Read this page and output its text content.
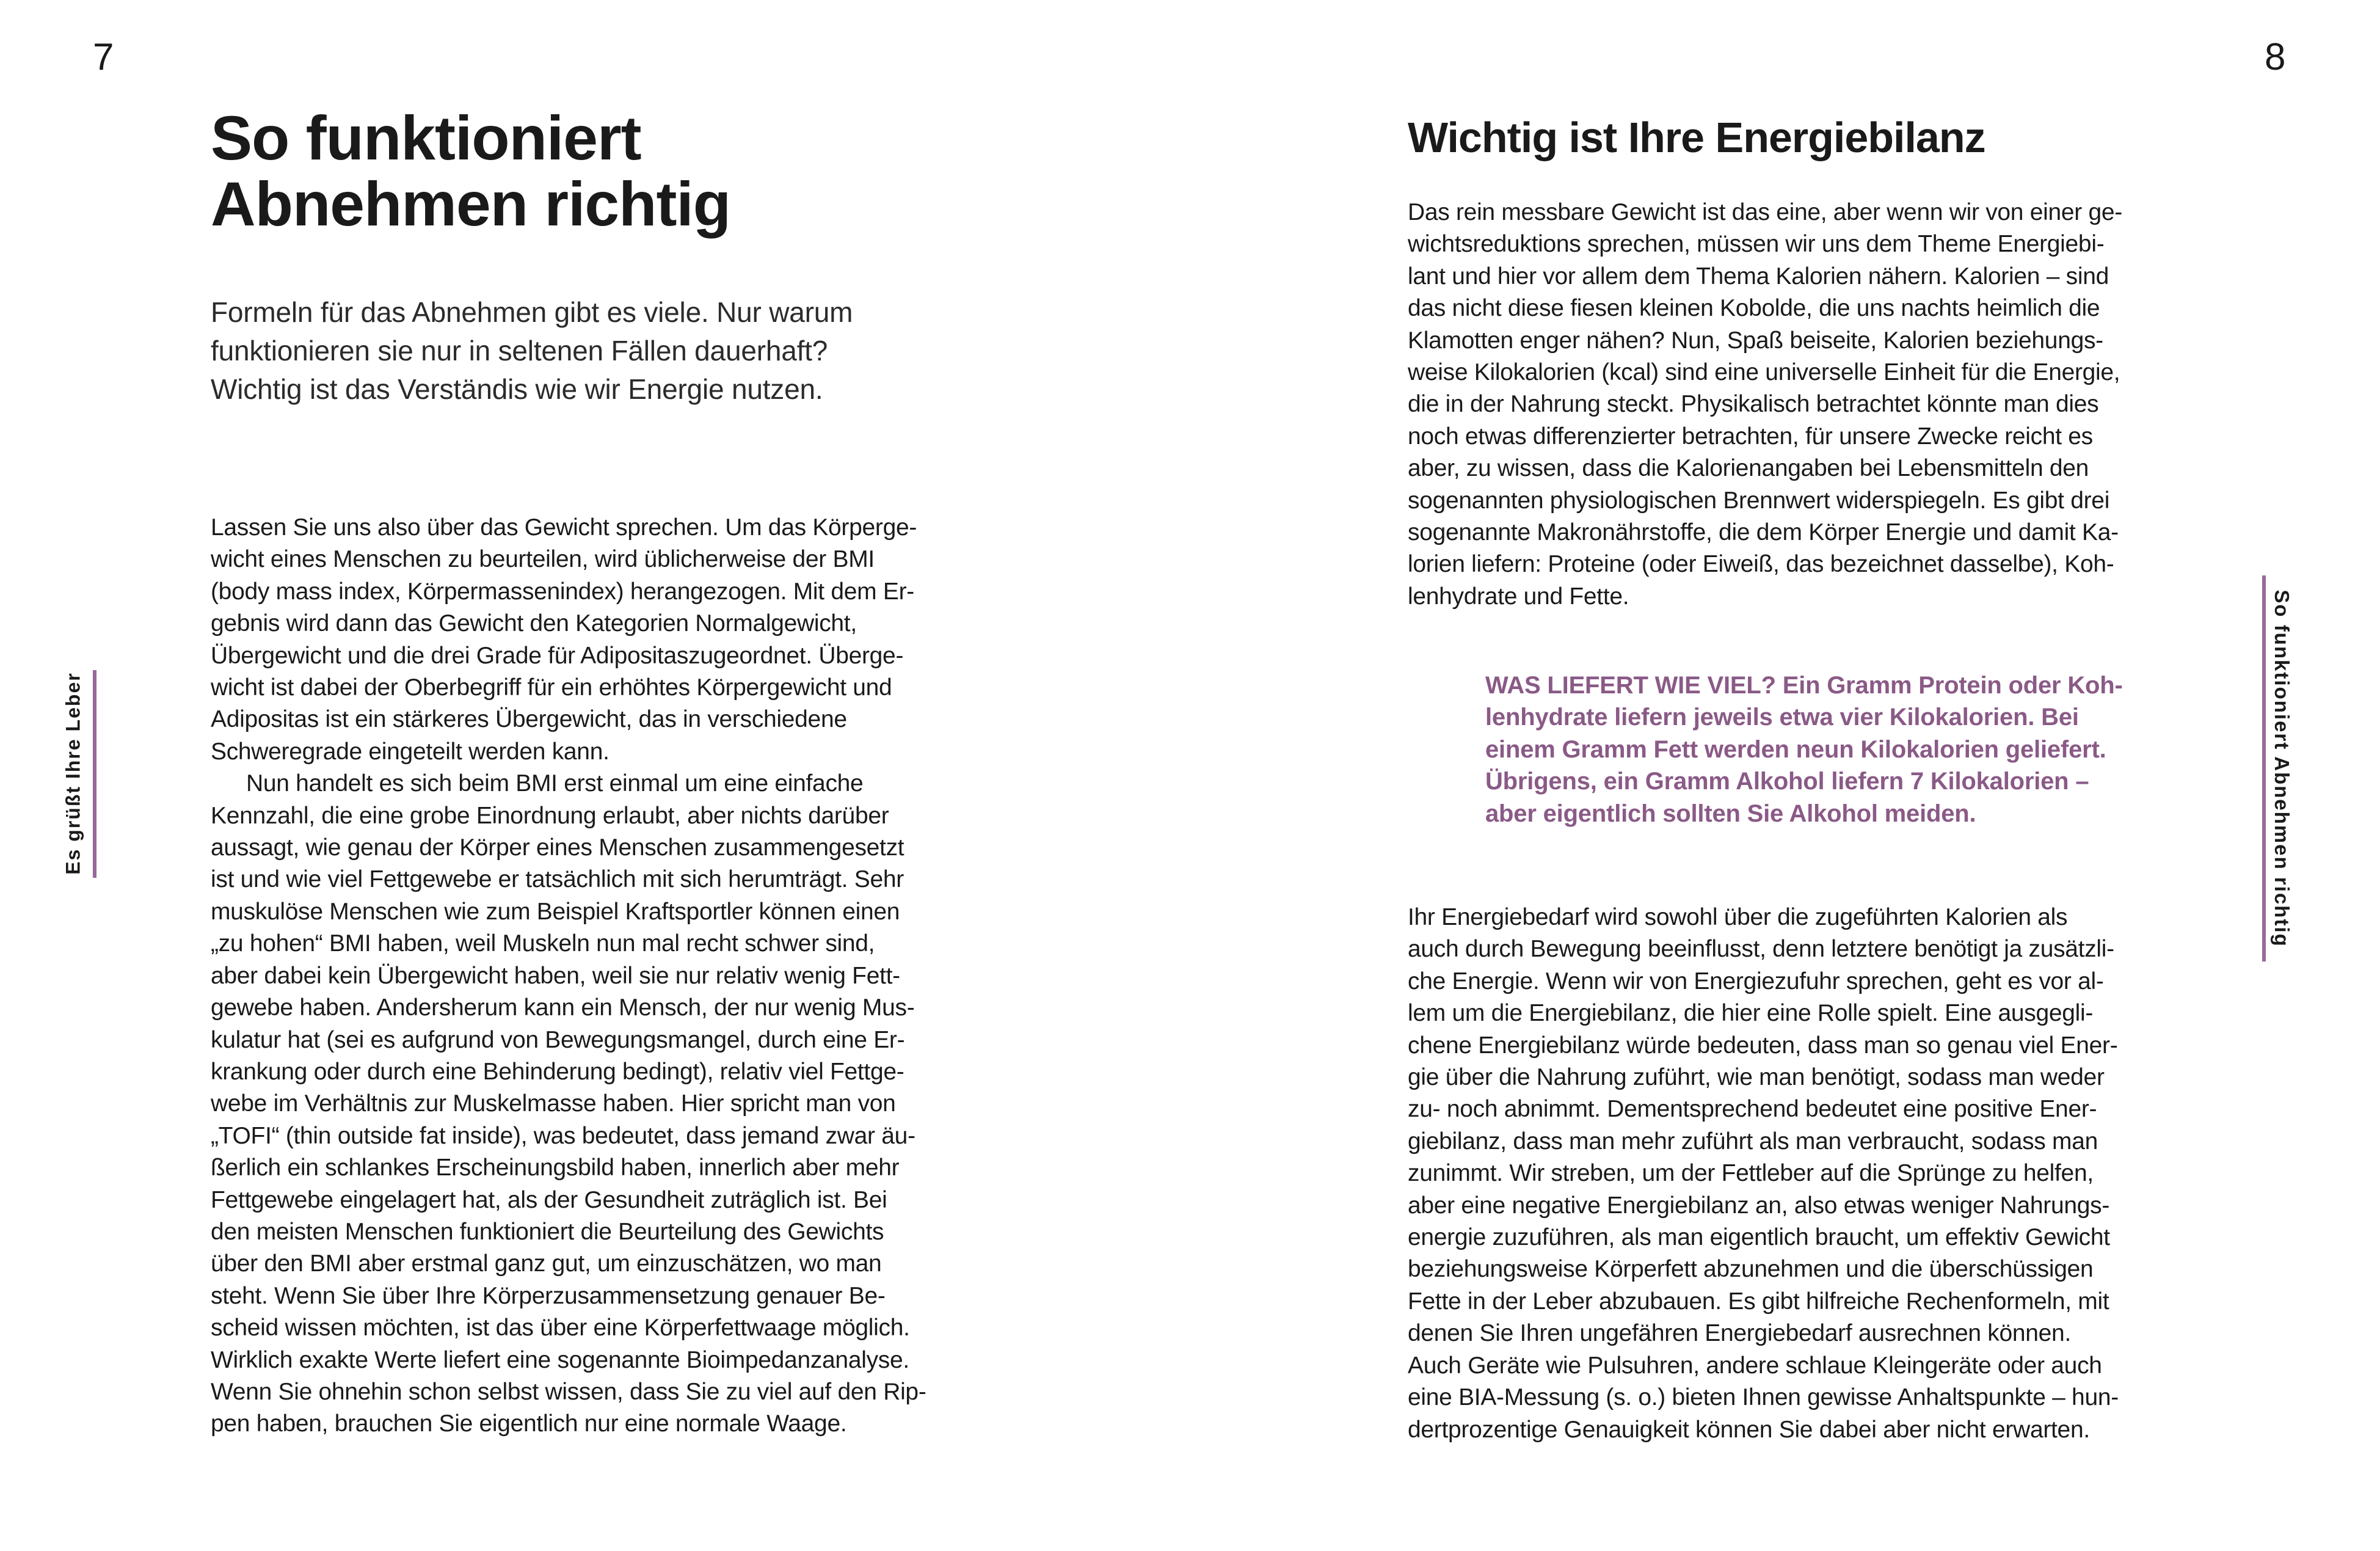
7
Es grüßt Ihre Leber
So funktioniert
Abnehmen richtig
Formeln für das Abnehmen gibt es viele. Nur warum
funktionieren sie nur in seltenen Fällen dauerhaft?
Wichtig ist das Verständis wie wir Energie nutzen.
Lassen Sie uns also über das Gewicht sprechen. Um das Körperge-
wicht eines Menschen zu beurteilen, wird üblicherweise der BMI
(body mass index, Körpermassenindex) herangezogen. Mit dem Er-
gebnis wird dann das Gewicht den Kategorien Normalgewicht,
Übergewicht und die drei Grade für Adipositaszugeordnet. Überge-
wicht ist dabei der Oberbegriff für ein erhöhtes Körpergewicht und
Adipositas ist ein stärkeres Übergewicht, das in verschiedene
Schweregrade eingeteilt werden kann.
Nun handelt es sich beim BMI erst einmal um eine einfache
Kennzahl, die eine grobe Einordnung erlaubt, aber nichts darüber
aussagt, wie genau der Körper eines Menschen zusammengesetzt
ist und wie viel Fettgewebe er tatsächlich mit sich herumträgt. Sehr
muskulöse Menschen wie zum Beispiel Kraftsportler können einen
„zu hohen“ BMI haben, weil Muskeln nun mal recht schwer sind,
aber dabei kein Übergewicht haben, weil sie nur relativ wenig Fett-
gewebe haben. Andersherum kann ein Mensch, der nur wenig Mus-
kulatur hat (sei es aufgrund von Bewegungsmangel, durch eine Er-
krankung oder durch eine Behinderung bedingt), relativ viel Fettge-
webe im Verhältnis zur Muskelmasse haben. Hier spricht man von
„TOFI“ (thin outside fat inside), was bedeutet, dass jemand zwar äu-
ßerlich ein schlankes Erscheinungsbild haben, innerlich aber mehr
Fettgewebe eingelagert hat, als der Gesundheit zuträglich ist. Bei
den meisten Menschen funktioniert die Beurteilung des Gewichts
über den BMI aber erstmal ganz gut, um einzuschätzen, wo man
steht. Wenn Sie über Ihre Körperzusammensetzung genauer Be-
scheid wissen möchten, ist das über eine Körperfettwaage möglich.
Wirklich exakte Werte liefert eine sogenannte Bioimpedanzanalyse.
Wenn Sie ohnehin schon selbst wissen, dass Sie zu viel auf den Rip-
pen haben, brauchen Sie eigentlich nur eine normale Waage.
8
Wichtig ist Ihre Energiebilanz
Das rein messbare Gewicht ist das eine, aber wenn wir von einer ge-
wichtsreduktions sprechen, müssen wir uns dem Theme Energiebi-
lant und hier vor allem dem Thema Kalorien nähern. Kalorien – sind
das nicht diese fiesen kleinen Kobolde, die uns nachts heimlich die
Klamotten enger nähen? Nun, Spaß beiseite, Kalorien beziehungs-
weise Kilokalorien (kcal) sind eine universelle Einheit für die Energie,
die in der Nahrung steckt. Physikalisch betrachtet könnte man dies
noch etwas differenzierter betrachten, für unsere Zwecke reicht es
aber, zu wissen, dass die Kalorienangaben bei Lebensmitteln den
sogenannten physiologischen Brennwert widerspiegeln. Es gibt drei
sogenannte Makronährstoffe, die dem Körper Energie und damit Ka-
lorien liefern: Proteine (oder Eiweiß, das bezeichnet dasselbe), Koh-
lenhydrate und Fette.
WAS LIEFERT WIE VIEL? Ein Gramm Protein oder Koh-
lenhydrate liefern jeweils etwa vier Kilokalorien. Bei
einem Gramm Fett werden neun Kilokalorien geliefert.
Übrigens, ein Gramm Alkohol liefern 7 Kilokalorien –
aber eigentlich sollten Sie Alkohol meiden.
Ihr Energiebedarf wird sowohl über die zugeführten Kalorien als
auch durch Bewegung beeinflusst, denn letztere benötigt ja zusätzli-
che Energie. Wenn wir von Energiezufuhr sprechen, geht es vor al-
lem um die Energiebilanz, die hier eine Rolle spielt. Eine ausgegli-
chene Energiebilanz würde bedeuten, dass man so genau viel Ener-
gie über die Nahrung zuführt, wie man benötigt, sodass man weder
zu- noch abnimmt. Dementsprechend bedeutet eine positive Ener-
giebilanz, dass man mehr zuführt als man verbraucht, sodass man
zunimmt. Wir streben, um der Fettleber auf die Sprünge zu helfen,
aber eine negative Energiebilanz an, also etwas weniger Nahrungs-
energie zuzuführen, als man eigentlich braucht, um effektiv Gewicht
beziehungsweise Körperfett abzunehmen und die überschüssigen
Fette in der Leber abzubauen. Es gibt hilfreiche Rechenformeln, mit
denen Sie Ihren ungefähren Energiebedarf ausrechnen können.
Auch Geräte wie Pulsuhren, andere schlaue Kleingeräte oder auch
eine BIA-Messung (s. o.) bieten Ihnen gewisse Anhaltspunkte – hun-
dertprozentige Genauigkeit können Sie dabei aber nicht erwarten.
So funktioniert Abnehmen richtig
